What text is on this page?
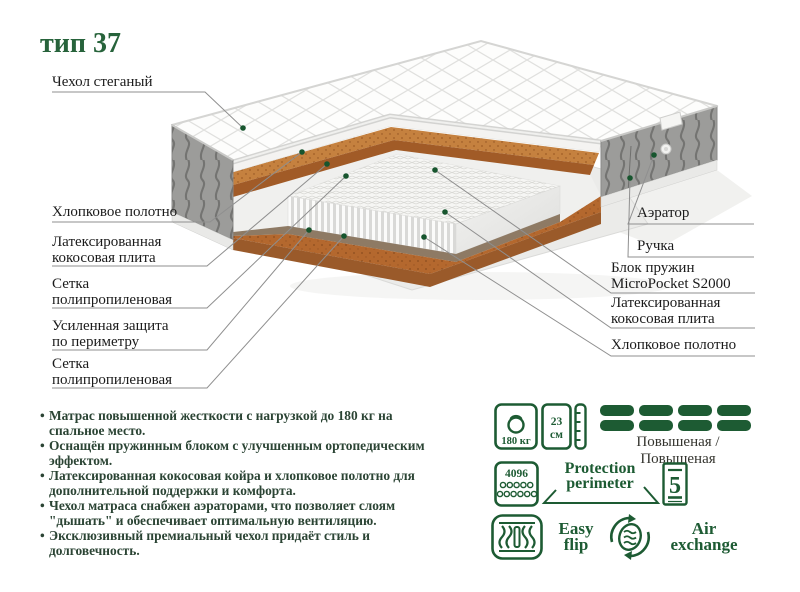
тип 37
Чехол стеганый
Хлопковое полотно
Латексированная
кокосовая плита
Сетка
полипропиленовая
Усиленная защита
по периметру
Сетка
полипропиленовая
Аэратор
Ручка
Блок пружин
MicroPocket S2000
Латексированная
кокосовая плита
Хлопковое полотно
• Матрас повышенной жесткости с нагрузкой до 180 кг на спальное место.
• Оснащён пружинным блоком с улучшенным ортопедическим эффектом.
• Латексированная кокосовая койра и хлопковое полотно для дополнительной поддержки и комфорта.
• Чехол матраса снабжен аэраторами, что позволяет слоям "дышать" и обеспечивает оптимальную вентиляцию.
• Эксклюзивный премиальный чехол придаёт стиль и долговечность.
180 кг
23
см	Повышеная / Повышеная
4096	Protection
perimeter	5
Easy
flip
Air
exchange
